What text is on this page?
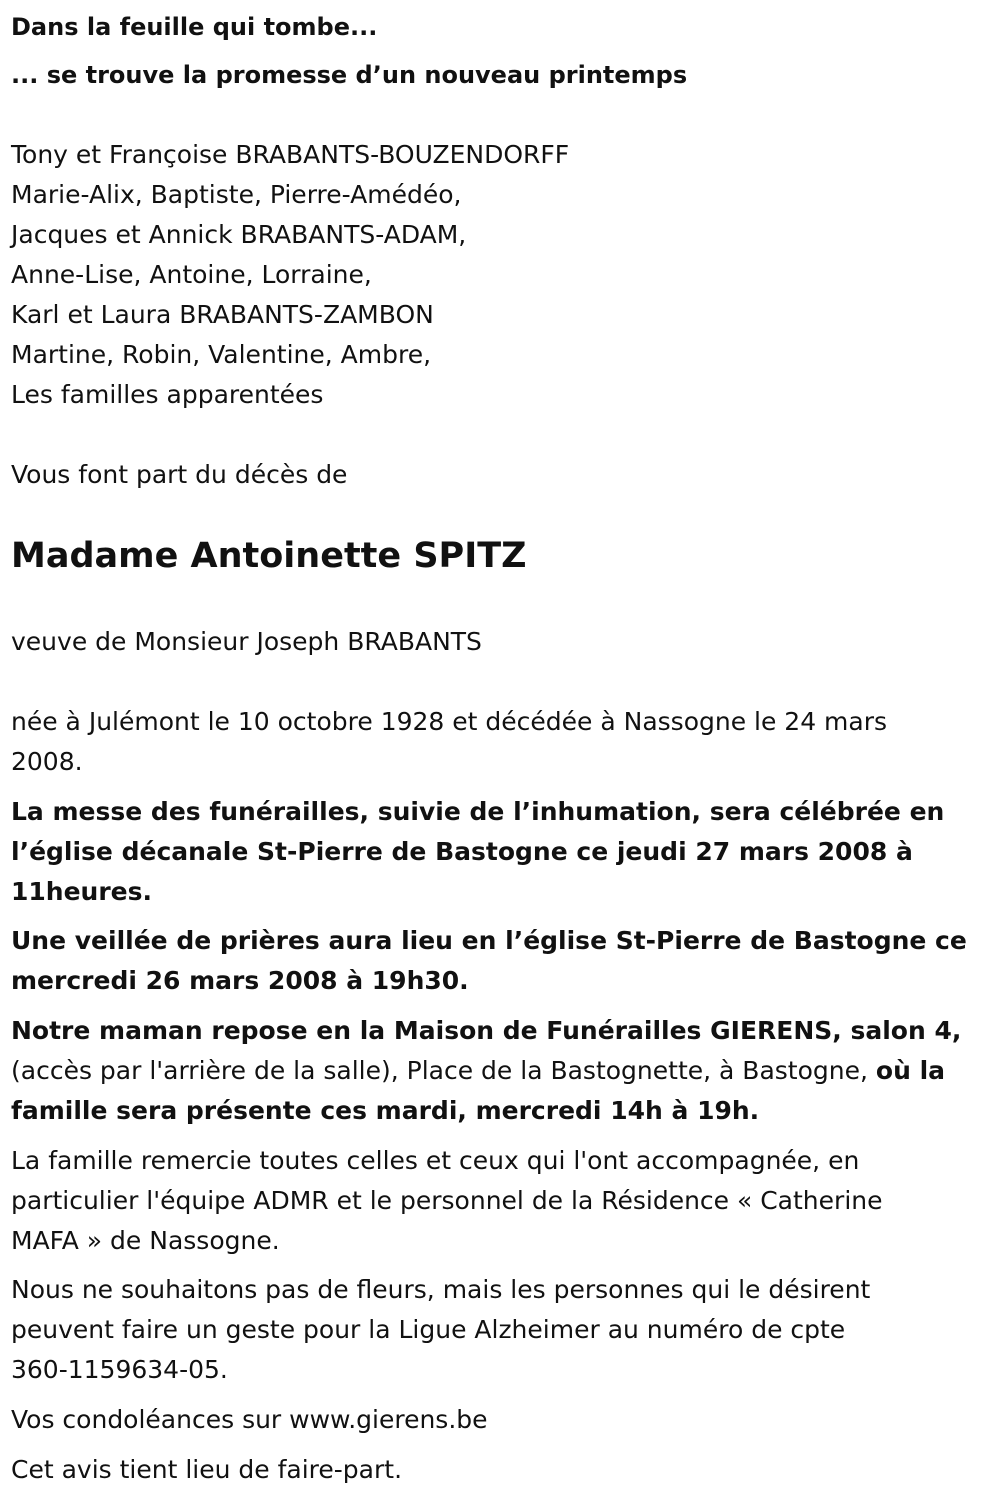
Dans la feuille qui tombe...
... se trouve la promesse d’un nouveau printemps
Tony et Françoise BRABANTS-BOUZENDORFF
Marie-Alix, Baptiste, Pierre-Amédéo,
Jacques et Annick BRABANTS-ADAM,
Anne-Lise, Antoine, Lorraine,
Karl et Laura BRABANTS-ZAMBON
Martine, Robin, Valentine, Ambre,
Les familles apparentées
Vous font part du décès de
Madame Antoinette SPITZ
veuve de Monsieur Joseph BRABANTS
née à Julémont le 10 octobre 1928 et décédée à Nassogne le 24 mars
2008.
La messe des funérailles, suivie de l’inhumation, sera célébrée en
l’église décanale St-Pierre de Bastogne ce jeudi 27 mars 2008 à
11heures.
Une veillée de prières aura lieu en l’église St-Pierre de Bastogne ce
mercredi 26 mars 2008 à 19h30.
Notre maman repose en la Maison de Funérailles GIERENS, salon 4,
(accès par l'arrière de la salle), Place de la Bastognette, à Bastogne, où la
famille sera présente ces mardi, mercredi 14h à 19h.
La famille remercie toutes celles et ceux qui l'ont accompagnée, en
particulier l'équipe ADMR et le personnel de la Résidence « Catherine
MAFA » de Nassogne.
Nous ne souhaitons pas de fleurs, mais les personnes qui le désirent
peuvent faire un geste pour la Ligue Alzheimer au numéro de cpte
360-1159634-05.
Vos condoléances sur www.gierens.be
Cet avis tient lieu de faire-part.
